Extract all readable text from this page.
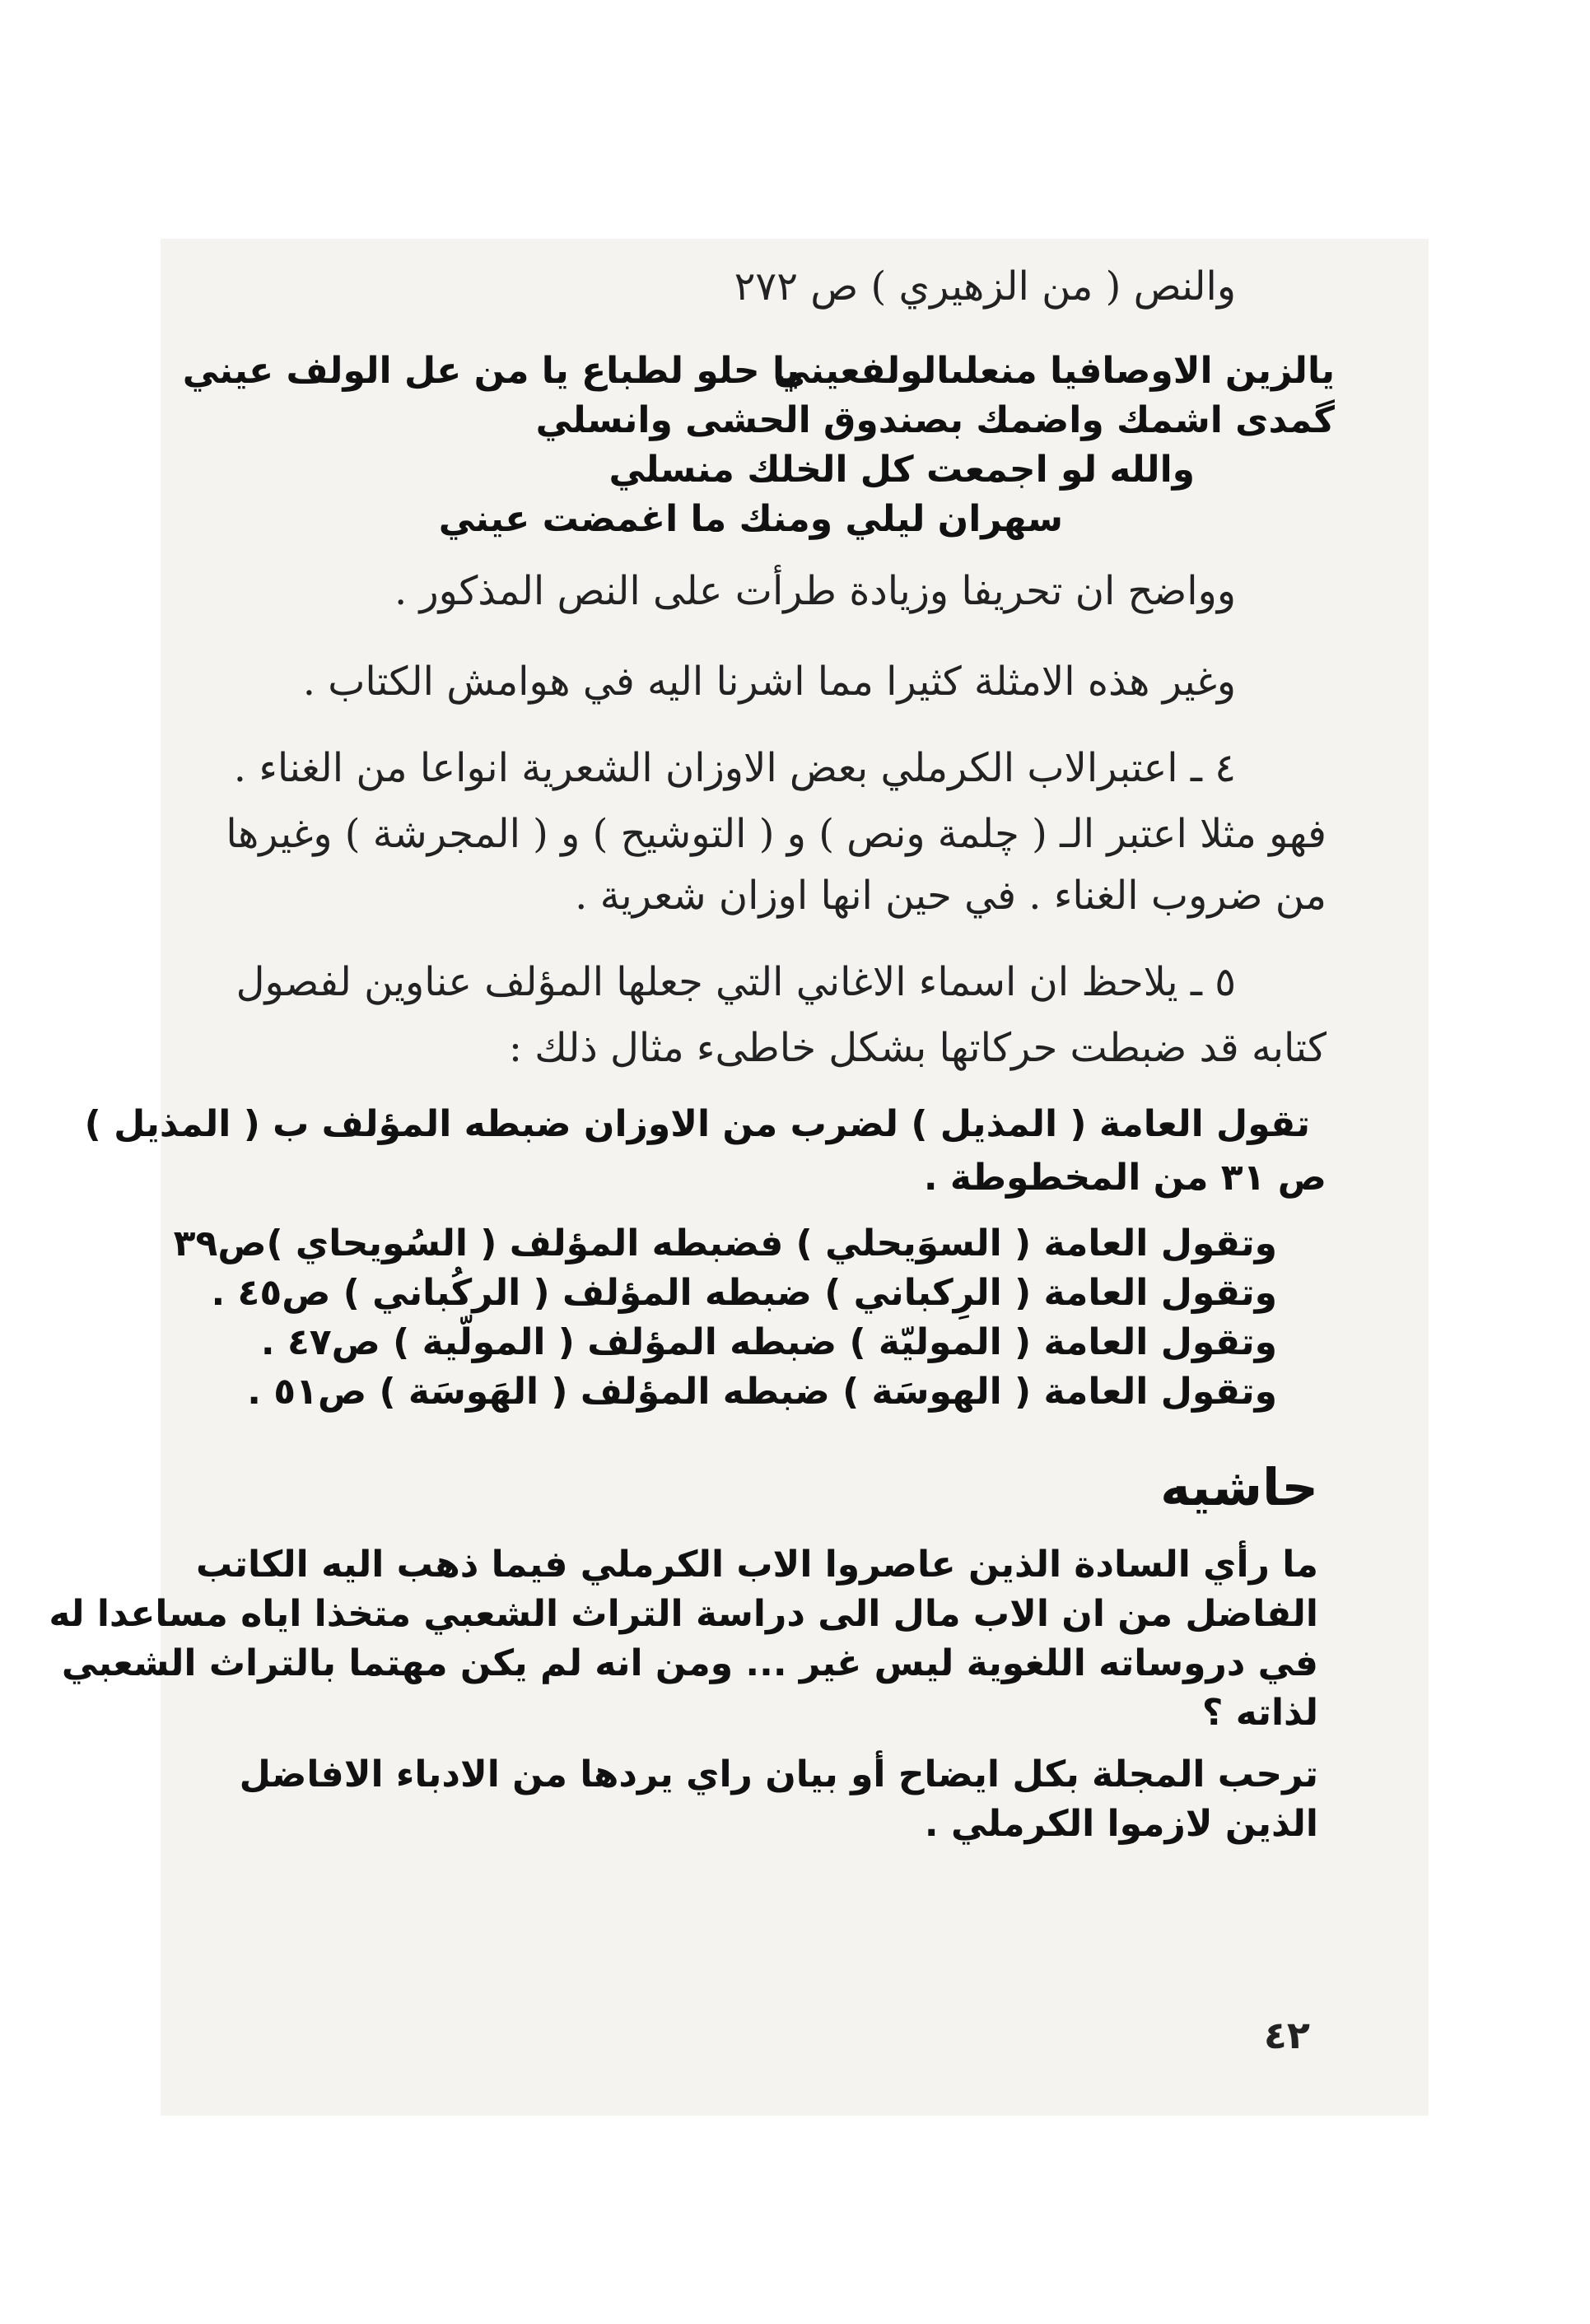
والنص ( من الزهيري ) ص ٢٧٢
يالزين الاوصافيا منعلىالولفعيني
يا حلو لطباع يا من عل الولف عيني
گمدى اشمك واضمك بصندوق الحشى وانسلي
والله لو اجمعت كل الخلك منسلي
سهران ليلي ومنك ما اغمضت عيني
وواضح ان تحريفا وزيادة طرأت على النص المذكور .
وغير هذه الامثلة كثيرا مما اشرنا اليه في هوامش الكتاب .
٤ ـ اعتبرالاب الكرملي بعض الاوزان الشعرية انواعا من الغناء .
فهو مثلا اعتبر الـ ( چلمة ونص ) و ( التوشيح ) و ( المجرشة ) وغيرها
من ضروب الغناء . في حين انها اوزان شعرية .
٥ ـ يلاحظ ان اسماء الاغاني التي جعلها المؤلف عناوين لفصول
كتابه قد ضبطت حركاتها بشكل خاطىء مثال ذلك :
تقول العامة ( المذيل ) لضرب من الاوزان ضبطه المؤلف ب ( المذيل )
ص ٣١ من المخطوطة .
وتقول العامة ( السوَيحلي ) فضبطه المؤلف ( السُويحاي )ص٣٩
وتقول العامة ( الرِكباني ) ضبطه المؤلف ( الركُباني ) ص٤٥ .
وتقول العامة ( الموليّة ) ضبطه المؤلف ( المولّية ) ص٤٧ .
وتقول العامة ( الهوسَة ) ضبطه المؤلف ( الهَوسَة ) ص٥١ .
حاشيه
ما رأي السادة الذين عاصروا الاب الكرملي فيما ذهب اليه الكاتب
الفاضل من ان الاب مال الى دراسة التراث الشعبي متخذا اياه مساعدا له
في دروساته اللغوية ليس غير ... ومن انه لم يكن مهتما بالتراث الشعبي
لذاته ؟
ترحب المجلة بكل ايضاح أو بيان راي يردها من الادباء الافاضل
الذين لازموا الكرملي .
٤٢
